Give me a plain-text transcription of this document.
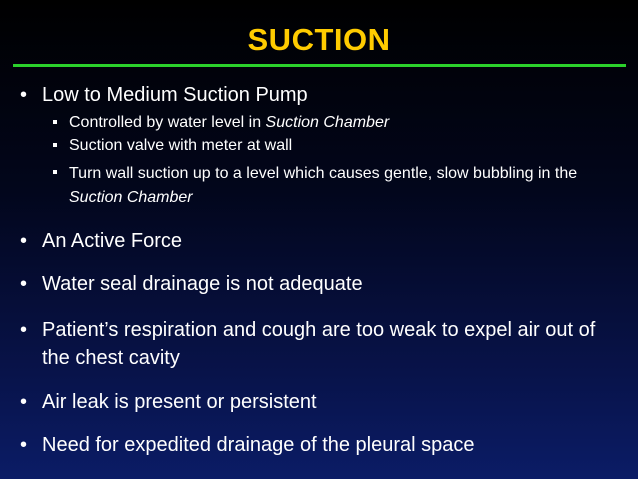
SUCTION
• Low to Medium Suction Pump
Controlled by water level in Suction Chamber
Suction valve with meter at wall
Turn wall suction up to a level which causes gentle, slow bubbling in the Suction Chamber
• An Active Force
• Water seal drainage is not adequate
• Patient’s respiration and cough are too weak to expel air out of the chest cavity
• Air leak is present or persistent
• Need for expedited drainage of the pleural space
